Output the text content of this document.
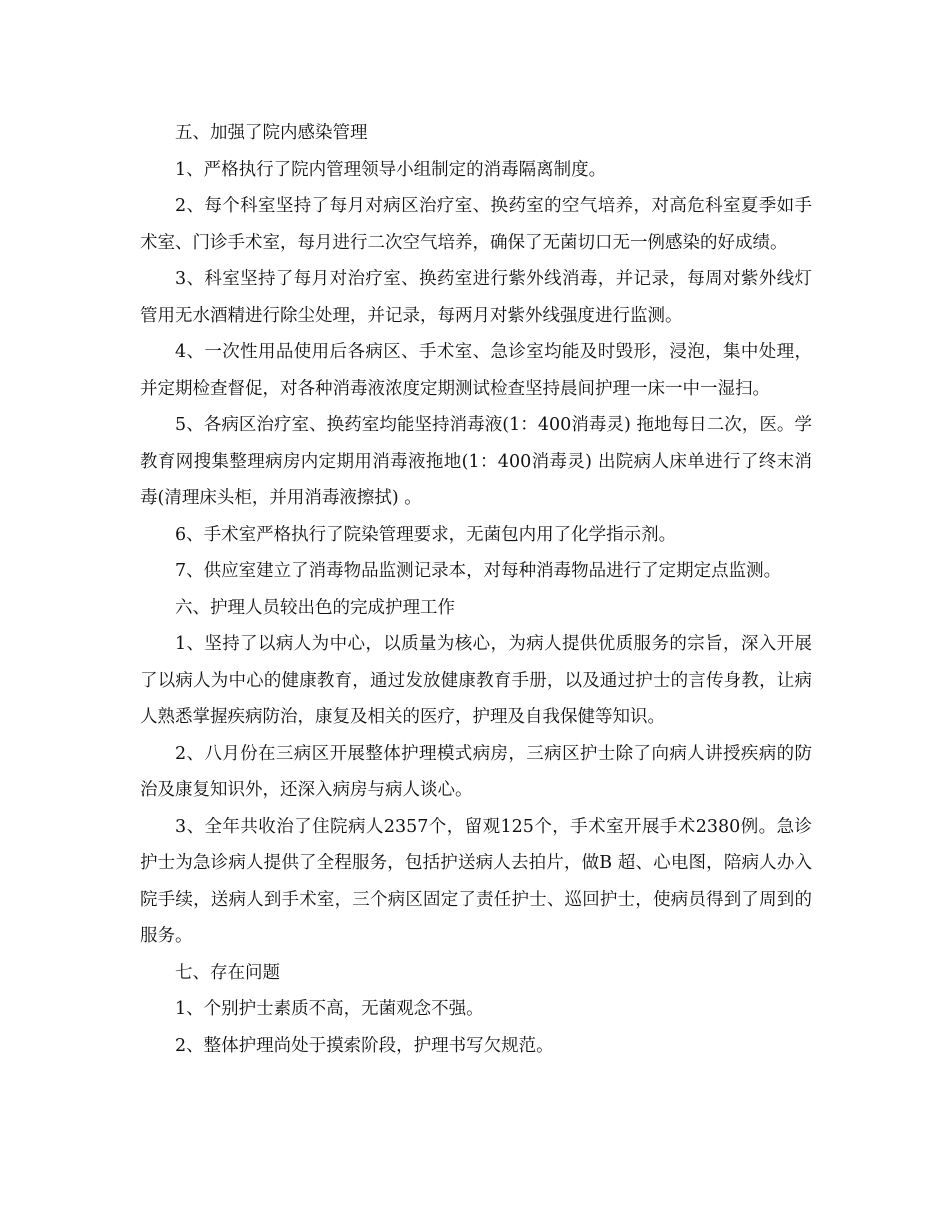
五、加强了院内感染管理

1、严格执行了院内管理领导小组制定的消毒隔离制度。

2、每个科室坚持了每月对病区治疗室、换药室的空气培养，对高危科室夏季如手术室、门诊手术室，每月进行二次空气培养，确保了无菌切口无一例感染的好成绩。

3、科室坚持了每月对治疗室、换药室进行紫外线消毒，并记录，每周对紫外线灯管用无水酒精进行除尘处理，并记录，每两月对紫外线强度进行监测。

4、一次性用品使用后各病区、手术室、急诊室均能及时毁形，浸泡，集中处理，并定期检查督促，对各种消毒液浓度定期测试检查坚持晨间护理一床一中一湿扫。

5、各病区治疗室、换药室均能坚持消毒液(1：400消毒灵) 拖地每日二次，医。学教育网搜集整理病房内定期用消毒液拖地(1：400消毒灵) 出院病人床单进行了终末消毒(清理床头柜，并用消毒液擦拭) 。

6、手术室严格执行了院染管理要求，无菌包内用了化学指示剂。

7、供应室建立了消毒物品监测记录本，对每种消毒物品进行了定期定点监测。

六、护理人员较出色的完成护理工作

1、坚持了以病人为中心，以质量为核心，为病人提供优质服务的宗旨，深入开展了以病人为中心的健康教育，通过发放健康教育手册，以及通过护士的言传身教，让病人熟悉掌握疾病防治，康复及相关的医疗，护理及自我保健等知识。

2、八月份在三病区开展整体护理模式病房，三病区护士除了向病人讲授疾病的防治及康复知识外，还深入病房与病人谈心。

3、全年共收治了住院病人2357个，留观125个，手术室开展手术2380例。急诊护士为急诊病人提供了全程服务，包括护送病人去拍片，做B 超、心电图，陪病人办入院手续，送病人到手术室，三个病区固定了责任护士、巡回护士，使病员得到了周到的服务。

七、存在问题

1、个别护士素质不高，无菌观念不强。

2、整体护理尚处于摸索阶段，护理书写欠规范。
